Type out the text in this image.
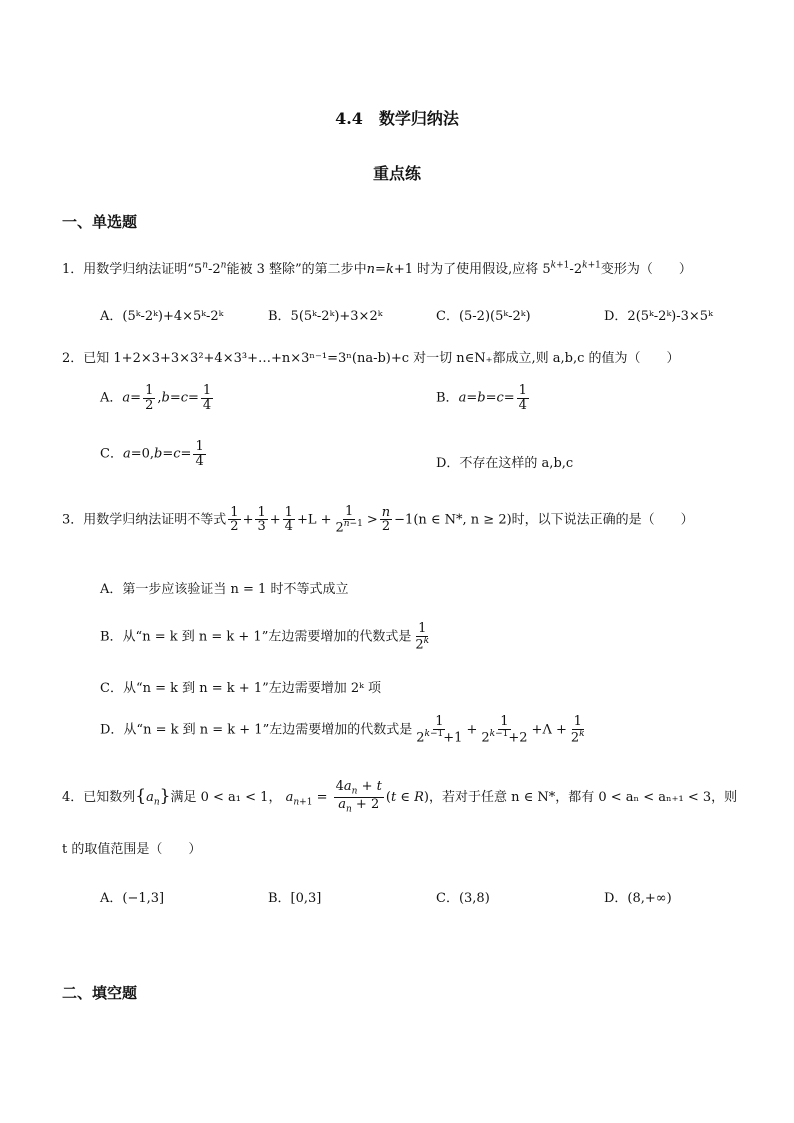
4.4　数学归纳法
重点练
一、单选题
1．用数学归纳法证明“5$^n$-2$^n$能被 3 整除”的第二步中n=k+1 时为了使用假设,应将 $5^{k+1}-2^{k+1}$变形为（　　）
A．(5ᵏ-2ᵏ)+4×5ᵏ-2ᵏ	B．5(5ᵏ-2ᵏ)+3×2ᵏ	C．(5-2)(5ᵏ-2ᵏ)	D．2(5ᵏ-2ᵏ)-3×5ᵏ
2．已知 1+2×3+3×3²+4×3³+…+n×3ⁿ⁻¹=3ⁿ(na-b)+c 对一切 n∈N₊都成立,则 a,b,c 的值为（　　）
A．$a= \frac{1}{2} ,b=c= \frac{1}{4}$	B．$a=b=c= \frac{1}{4}$
C．$a=0,b=c= \frac{1}{4}$	D．不存在这样的 a,b,c
3．用数学归纳法证明不等式 $\frac{1}{2} + \frac{1}{3} + \frac{1}{4} +L + \frac{1}{2^{n-1}} > \frac{n}{2} -1(n$ ∈ N*, n ≥ 2)时，以下说法正确的是（　　）
A．第一步应该验证当 n = 1 时不等式成立
B．从“n = k 到 n = k + 1”左边需要增加的代数式是 $\frac{1}{2^k}$
C．从“n = k 到 n = k + 1”左边需要增加 2ᵏ 项
D．从“n = k 到 n = k + 1”左边需要增加的代数式是 $\frac{1}{2^{k-1}+1} + \frac{1}{2^{k-1}+2} +\Lambda + \frac{1}{2^k}$
4．已知数列$\{a_n\}$满足 0 < a₁ < 1， $a_{n+1} = \frac{4a_n + t}{a_n + 2} (t$ ∈ R)，若对于任意 n ∈ N*，都有 0 < aₙ < aₙ₊₁ < 3，则
t 的取值范围是（　　）
A．(−1,3]	B．[0,3]	C．(3,8)	D．(8,+∞)
二、填空题
